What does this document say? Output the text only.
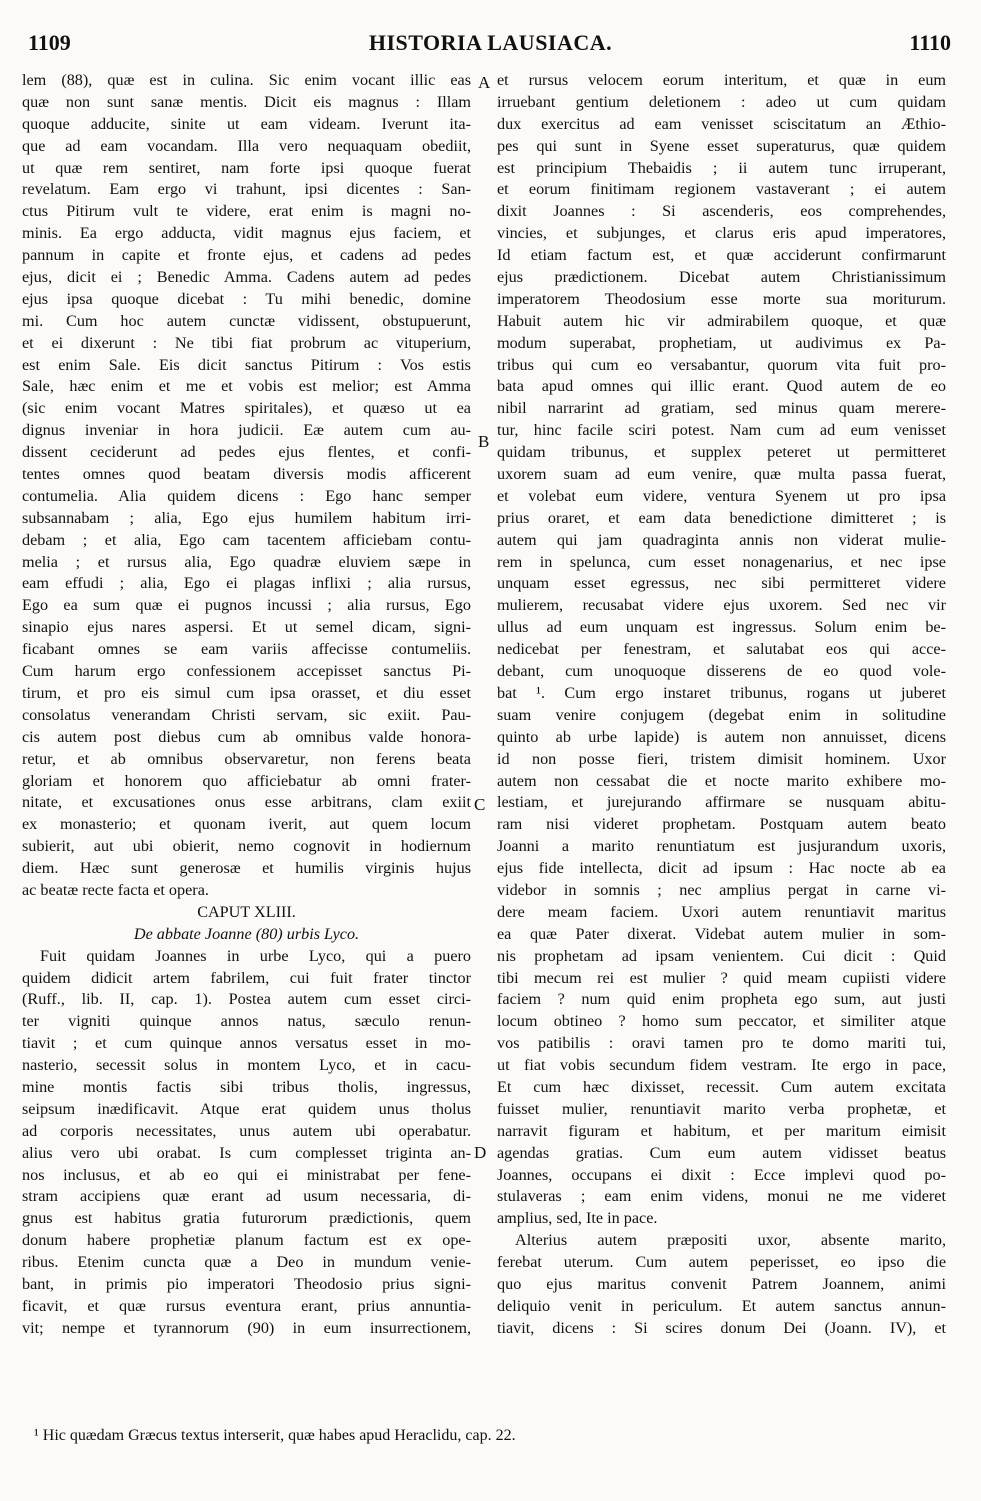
HISTORIA LAUSIACA.
1109	1110
A
B
C
D
lem (88), quæ est in culina. Sic enim vocant illic eas
quæ non sunt sanæ mentis. Dicit eis magnus : Illam
quoque adducite, sinite ut eam videam. Iverunt ita-
que ad eam vocandam. Illa vero nequaquam obediit,
ut quæ rem sentiret, nam forte ipsi quoque fuerat
revelatum. Eam ergo vi trahunt, ipsi dicentes : San-
ctus Pitirum vult te videre, erat enim is magni no-
minis. Ea ergo adducta, vidit magnus ejus faciem, et
pannum in capite et fronte ejus, et cadens ad pedes
ejus, dicit ei ; Benedic Amma. Cadens autem ad pedes
ejus ipsa quoque dicebat : Tu mihi benedic, domine
mi. Cum hoc autem cunctæ vidissent, obstupuerunt,
et ei dixerunt : Ne tibi fiat probrum ac vituperium,
est enim Sale. Eis dicit sanctus Pitirum : Vos estis
Sale, hæc enim et me et vobis est melior; est Amma
(sic enim vocant Matres spiritales), et quæso ut ea
dignus inveniar in hora judicii. Eæ autem cum au-
dissent ceciderunt ad pedes ejus flentes, et confi-
tentes omnes quod beatam diversis modis afficerent
contumelia. Alia quidem dicens : Ego hanc semper
subsannabam ; alia, Ego ejus humilem habitum irri-
debam ; et alia, Ego cam tacentem afficiebam contu-
melia ; et rursus alia, Ego quadræ eluviem sæpe in
eam effudi ; alia, Ego ei plagas inflixi ; alia rursus,
Ego ea sum quæ ei pugnos incussi ; alia rursus, Ego
sinapio ejus nares aspersi. Et ut semel dicam, signi-
ficabant omnes se eam variis affecisse contumeliis.
Cum harum ergo confessionem accepisset sanctus Pi-
tirum, et pro eis simul cum ipsa orasset, et diu esset
consolatus venerandam Christi servam, sic exiit. Pau-
cis autem post diebus cum ab omnibus valde honora-
retur, et ab omnibus observaretur, non ferens beata
gloriam et honorem quo afficiebatur ab omni frater-
nitate, et excusationes onus esse arbitrans, clam exiit
ex monasterio; et quonam iverit, aut quem locum
subierit, aut ubi obierit, nemo cognovit in hodiernum
diem. Hæc sunt generosæ et humilis virginis hujus
ac beatæ recte facta et opera.
CAPUT XLIII.
De abbate Joanne (80) urbis Lyco.
Fuit quidam Joannes in urbe Lyco, qui a puero
quidem didicit artem fabrilem, cui fuit frater tinctor
(Ruff., lib. II, cap. 1). Postea autem cum esset circi-
ter vigniti quinque annos natus, sæculo renun-
tiavit ; et cum quinque annos versatus esset in mo-
nasterio, secessit solus in montem Lyco, et in cacu-
mine montis factis sibi tribus tholis, ingressus,
seipsum inædificavit. Atque erat quidem unus tholus
ad corporis necessitates, unus autem ubi operabatur.
alius vero ubi orabat. Is cum complesset triginta an-
nos inclusus, et ab eo qui ei ministrabat per fene-
stram accipiens quæ erant ad usum necessaria, di-
gnus est habitus gratia futurorum prædictionis, quem
donum habere prophetiæ planum factum est ex ope-
ribus. Etenim cuncta quæ a Deo in mundum venie-
bant, in primis pio imperatori Theodosio prius signi-
ficavit, et quæ rursus eventura erant, prius annuntia-
vit; nempe et tyrannorum (90) in eum insurrectionem,
et rursus velocem eorum interitum, et quæ in eum
irruebant gentium deletionem : adeo ut cum quidam
dux exercitus ad eam venisset sciscitatum an Æthio-
pes qui sunt in Syene esset superaturus, quæ quidem
est principium Thebaidis ; ii autem tunc irruperant,
et eorum finitimam regionem vastaverant ; ei autem
dixit Joannes : Si ascenderis, eos comprehendes,
vincies, et subjunges, et clarus eris apud imperatores,
Id etiam factum est, et quæ acciderunt confirmarunt
ejus prædictionem. Dicebat autem Christianissimum
imperatorem Theodosium esse morte sua moriturum.
Habuit autem hic vir admirabilem quoque, et quæ
modum superabat, prophetiam, ut audivimus ex Pa-
tribus qui cum eo versabantur, quorum vita fuit pro-
bata apud omnes qui illic erant. Quod autem de eo
nibil narrarint ad gratiam, sed minus quam merere-
tur, hinc facile sciri potest. Nam cum ad eum venisset
quidam tribunus, et supplex peteret ut permitteret
uxorem suam ad eum venire, quæ multa passa fuerat,
et volebat eum videre, ventura Syenem ut pro ipsa
prius oraret, et eam data benedictione dimitteret ; is
autem qui jam quadraginta annis non viderat mulie-
rem in spelunca, cum esset nonagenarius, et nec ipse
unquam esset egressus, nec sibi permitteret videre
mulierem, recusabat videre ejus uxorem. Sed nec vir
ullus ad eum unquam est ingressus. Solum enim be-
nedicebat per fenestram, et salutabat eos qui acce-
debant, cum unoquoque disserens de eo quod vole-
bat ¹. Cum ergo instaret tribunus, rogans ut juberet
suam venire conjugem (degebat enim in solitudine
quinto ab urbe lapide) is autem non annuisset, dicens
id non posse fieri, tristem dimisit hominem. Uxor
autem non cessabat die et nocte marito exhibere mo-
lestiam, et jurejurando affirmare se nusquam abitu-
ram nisi videret prophetam. Postquam autem beato
Joanni a marito renuntiatum est jusjurandum uxoris,
ejus fide intellecta, dicit ad ipsum : Hac nocte ab ea
videbor in somnis ; nec amplius pergat in carne vi-
dere meam faciem. Uxori autem renuntiavit maritus
ea quæ Pater dixerat. Videbat autem mulier in som-
nis prophetam ad ipsam venientem. Cui dicit : Quid
tibi mecum rei est mulier ? quid meam cupiisti videre
faciem ? num quid enim propheta ego sum, aut justi
locum obtineo ? homo sum peccator, et similiter atque
vos patibilis : oravi tamen pro te domo mariti tui,
ut fiat vobis secundum fidem vestram. Ite ergo in pace,
Et cum hæc dixisset, recessit. Cum autem excitata
fuisset mulier, renuntiavit marito verba prophetæ, et
narravit figuram et habitum, et per maritum eimisit
agendas gratias. Cum eum autem vidisset beatus
Joannes, occupans ei dixit : Ecce implevi quod po-
stulaveras ; eam enim videns, monui ne me videret
amplius, sed, Ite in pace.
Alterius autem præpositi uxor, absente marito,
ferebat uterum. Cum autem peperisset, eo ipso die
quo ejus maritus convenit Patrem Joannem, animi
deliquio venit in periculum. Et autem sanctus annun-
tiavit, dicens : Si scires donum Dei (Joann. IV), et
¹ Hic quædam Græcus textus interserit, quæ habes apud Heraclidu, cap. 22.
